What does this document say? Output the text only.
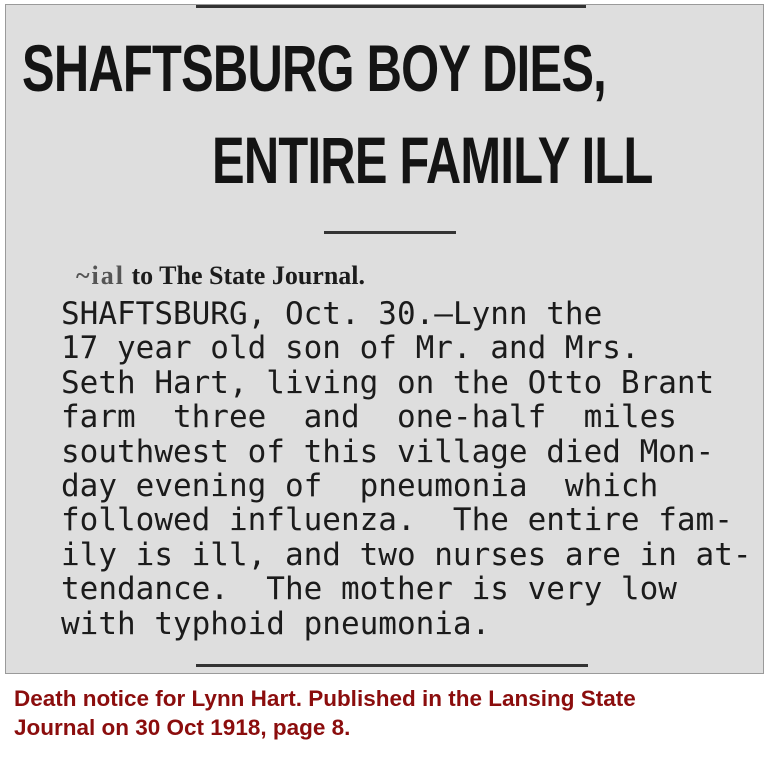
SHAFTSBURG BOY DIES,
ENTIRE FAMILY ILL
~ial to The State Journal.
SHAFTSBURG, Oct. 30.—Lynn the
17 year old son of Mr. and Mrs.
Seth Hart, living on the Otto Brant
farm  three  and  one-half  miles
southwest of this village died Mon-
day evening of  pneumonia  which
followed influenza.  The entire fam-
ily is ill, and two nurses are in at-
tendance.  The mother is very low
with typhoid pneumonia.
Death notice for Lynn Hart. Published in the Lansing State
Journal on 30 Oct 1918, page 8.
